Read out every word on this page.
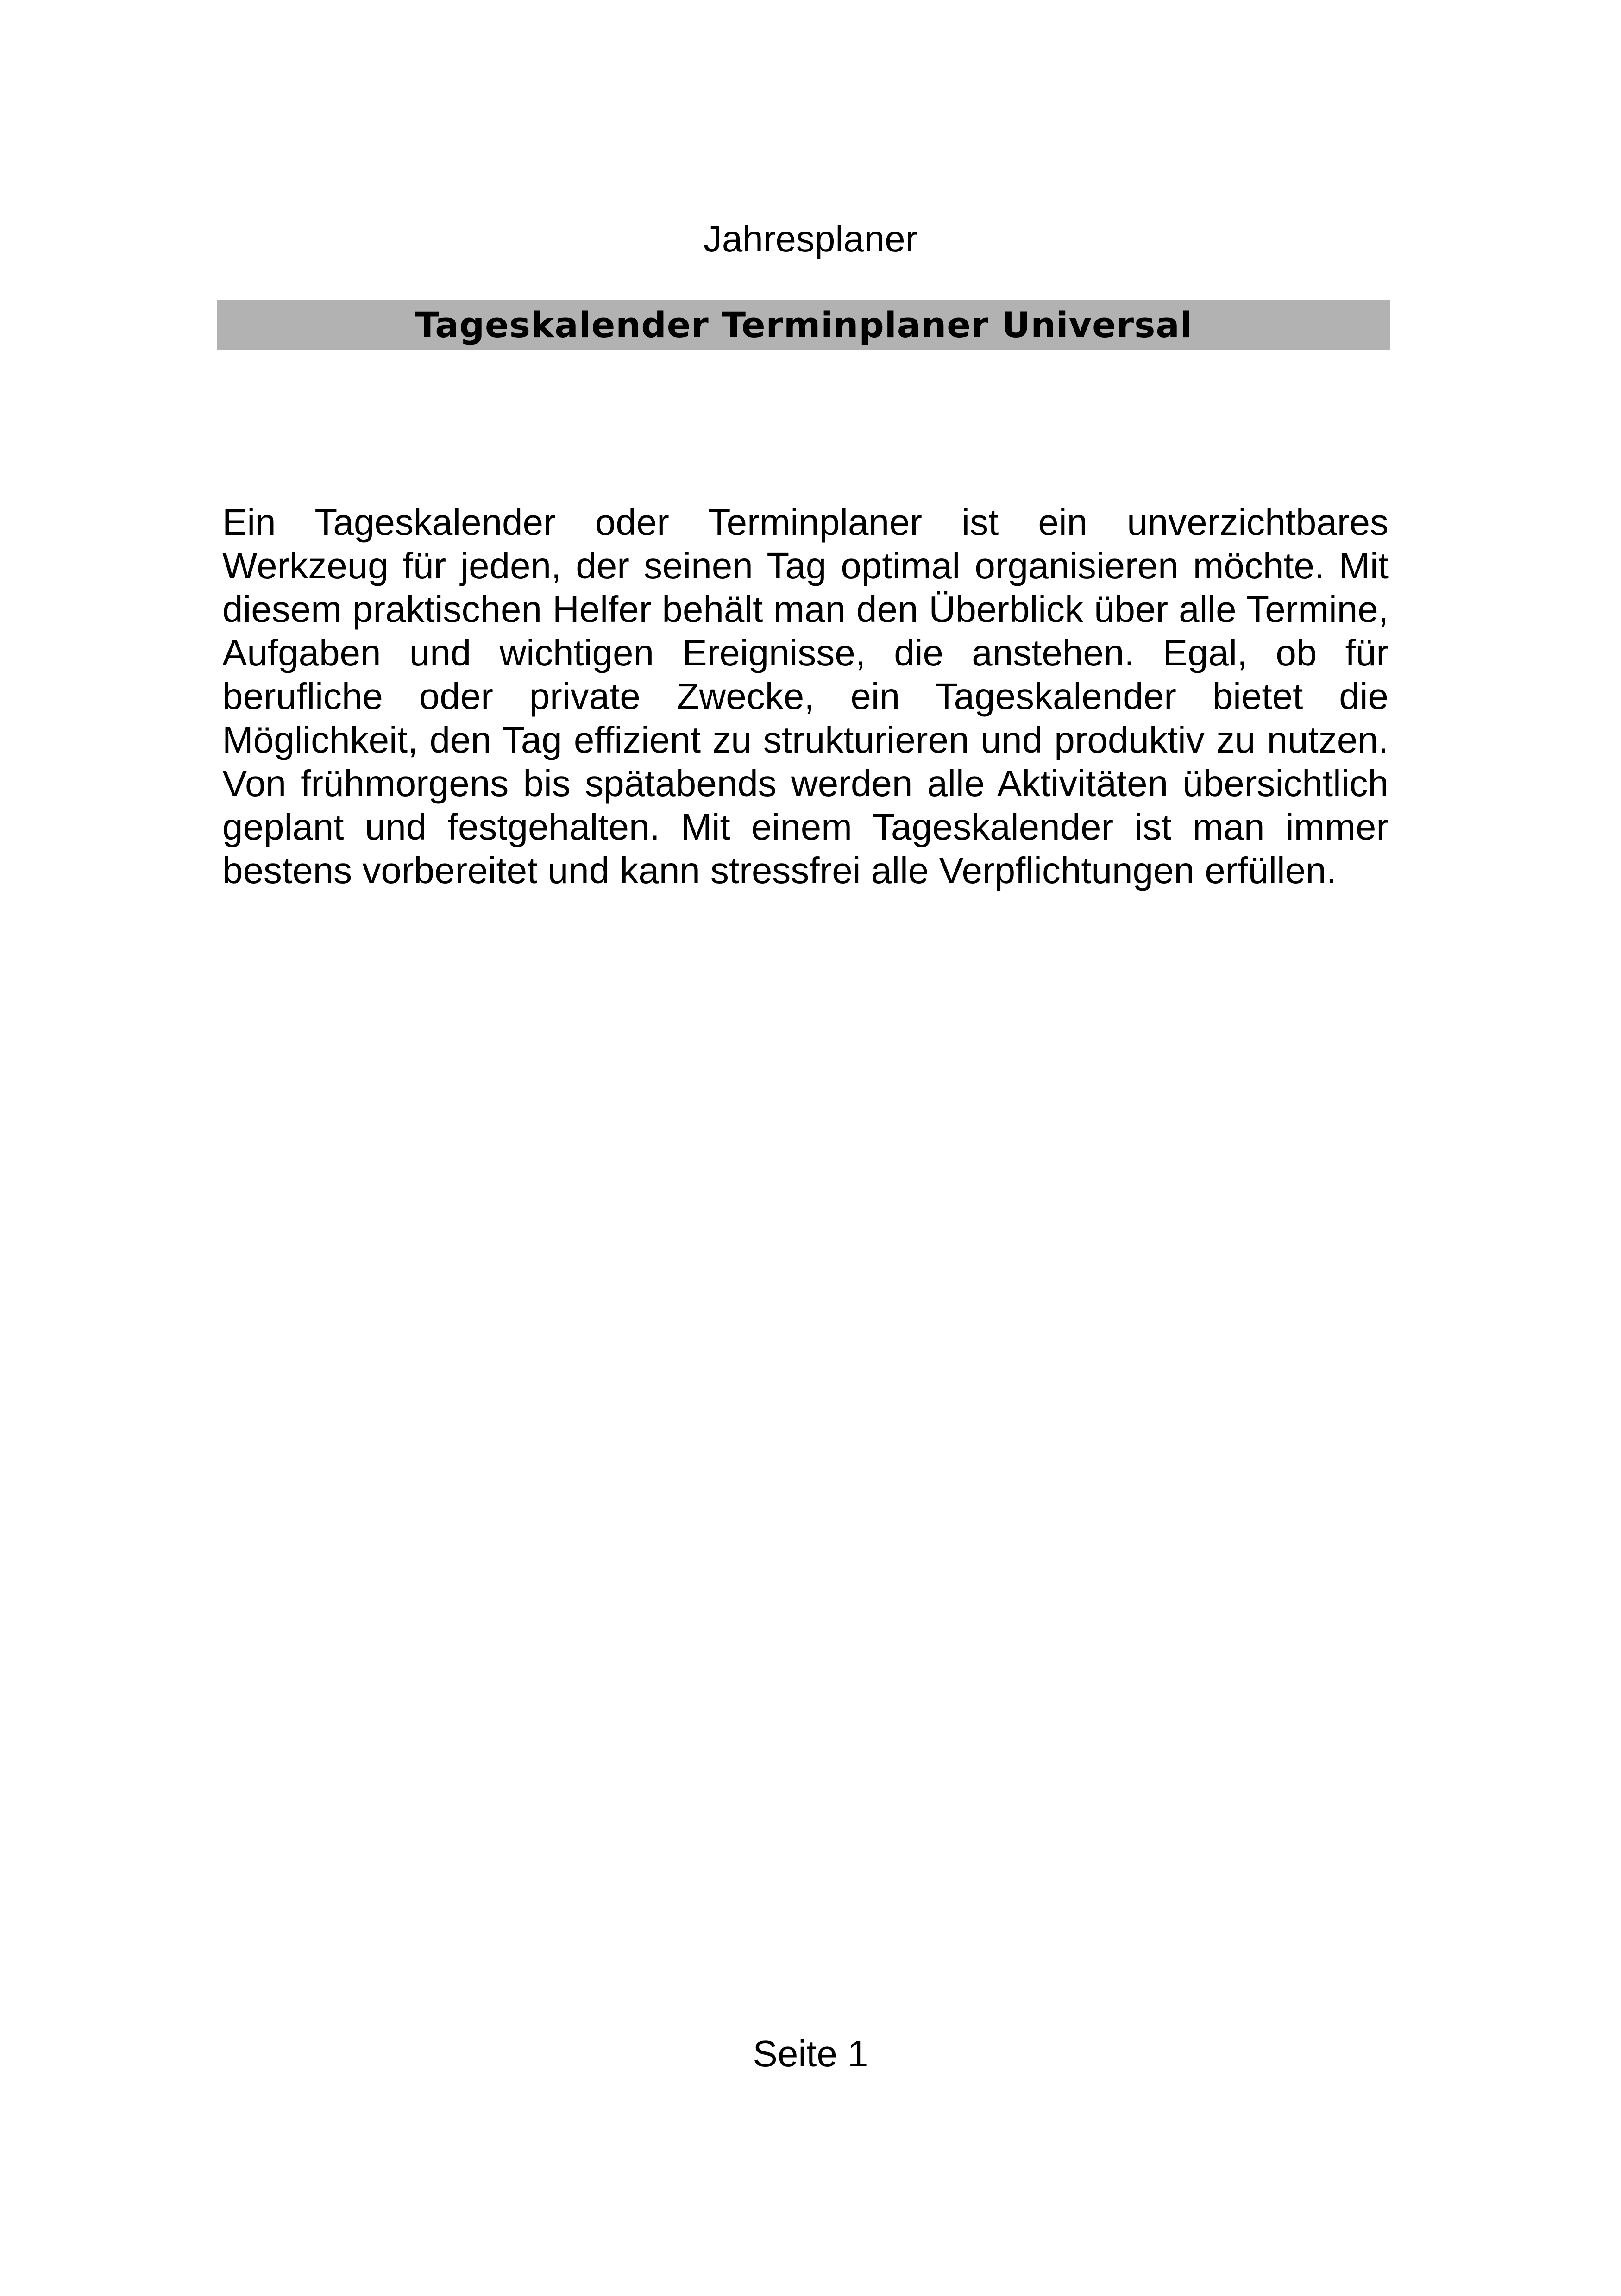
Jahresplaner
Tageskalender Terminplaner Universal

Ein Tageskalender oder Terminplaner ist ein unverzichtbares Werkzeug für jeden, der seinen Tag optimal organisieren möchte. Mit diesem praktischen Helfer behält man den Überblick über alle Termine, Aufgaben und wichtigen Ereignisse, die anstehen. Egal, ob für berufliche oder private Zwecke, ein Tageskalender bietet die Möglichkeit, den Tag effizient zu strukturieren und produktiv zu nutzen. Von frühmorgens bis spätabends werden alle Aktivitäten übersichtlich geplant und festgehalten. Mit einem Tageskalender ist man immer bestens vorbereitet und kann stressfrei alle Verpflichtungen erfüllen.

Seite 1
